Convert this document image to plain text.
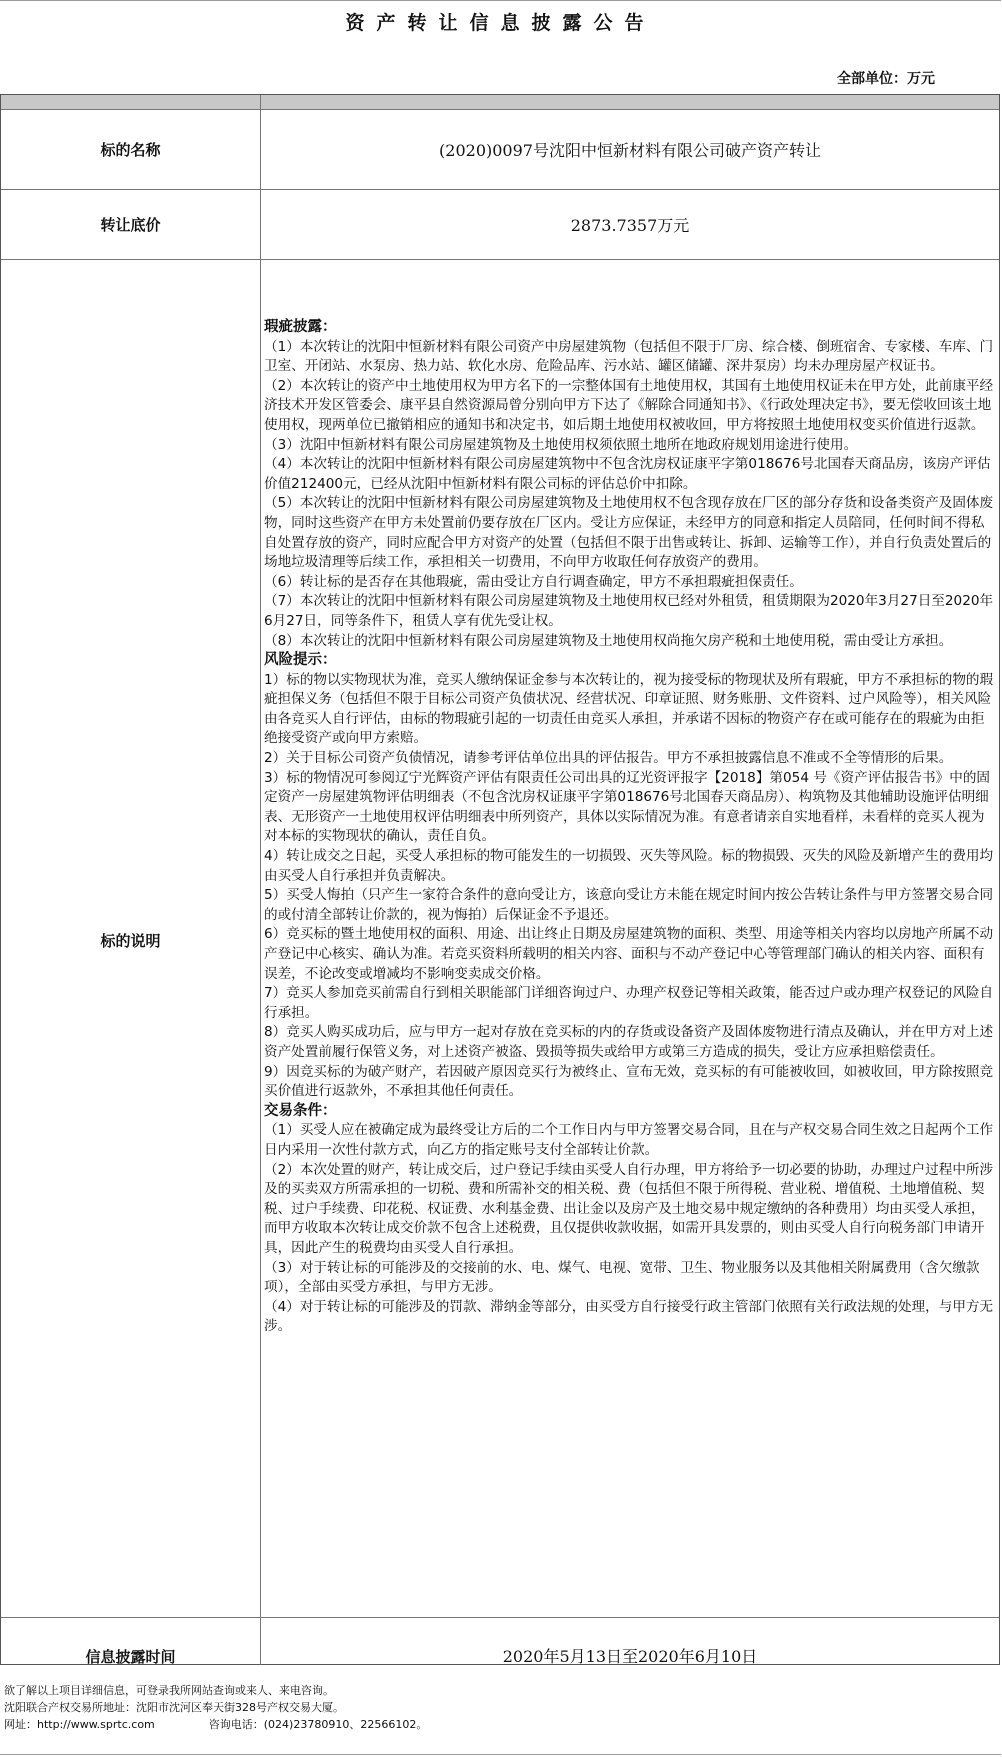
资产转让信息披露公告
全部单位：万元
标的名称	(2020)0097号沈阳中恒新材料有限公司破产资产转让
转让底价	2873.7357万元
标的说明

瑕疵披露：

（1）本次转让的沈阳中恒新材料有限公司资产中房屋建筑物（包括但不限于厂房、综合楼、倒班宿舍、专家楼、车库、门卫室、开闭站、水泵房、热力站、软化水房、危险品库、污水站、罐区储罐、深井泵房）均未办理房屋产权证书。

（2）本次转让的资产中土地使用权为甲方名下的一宗整体国有土地使用权，其国有土地使用权证未在甲方处，此前康平经济技术开发区管委会、康平县自然资源局曾分别向甲方下达了《解除合同通知书》、《行政处理决定书》，要无偿收回该土地使用权，现两单位已撤销相应的通知书和决定书，如后期土地使用权被收回，甲方将按照土地使用权变买价值进行返款。

（3）沈阳中恒新材料有限公司房屋建筑物及土地使用权须依照土地所在地政府规划用途进行使用。

（4）本次转让的沈阳中恒新材料有限公司房屋建筑物中不包含沈房权证康平字第018676号北国春天商品房，该房产评估价值212400元，已经从沈阳中恒新材料有限公司标的评估总价中扣除。

（5）本次转让的沈阳中恒新材料有限公司房屋建筑物及土地使用权不包含现存放在厂区的部分存货和设备类资产及固体废物，同时这些资产在甲方未处置前仍要存放在厂区内。受让方应保证，未经甲方的同意和指定人员陪同，任何时间不得私自处置存放的资产，同时应配合甲方对资产的处置（包括但不限于出售或转让、拆卸、运输等工作），并自行负责处置后的场地垃圾清理等后续工作，承担相关一切费用，不向甲方收取任何存放资产的费用。

（6）转让标的是否存在其他瑕疵，需由受让方自行调查确定，甲方不承担瑕疵担保责任。

（7）本次转让的沈阳中恒新材料有限公司房屋建筑物及土地使用权已经对外租赁，租赁期限为2020年3月27日至2020年6月27日，同等条件下，租赁人享有优先受让权。

（8）本次转让的沈阳中恒新材料有限公司房屋建筑物及土地使用权尚拖欠房产税和土地使用税，需由受让方承担。

风险提示：

1）标的物以实物现状为准，竞买人缴纳保证金参与本次转让的，视为接受标的物现状及所有瑕疵，甲方不承担标的物的瑕疵担保义务（包括但不限于目标公司资产负债状况、经营状况、印章证照、财务账册、文件资料、过户风险等），相关风险由各竞买人自行评估，由标的物瑕疵引起的一切责任由竞买人承担，并承诺不因标的物资产存在或可能存在的瑕疵为由拒绝接受资产或向甲方索赔。

2）关于目标公司资产负债情况，请参考评估单位出具的评估报告。甲方不承担披露信息不准或不全等情形的后果。

3）标的物情况可参阅辽宁光辉资产评估有限责任公司出具的辽光资评报字【2018】第054 号《资产评估报告书》中的固定资产一房屋建筑物评估明细表（不包含沈房权证康平字第018676号北国春天商品房）、构筑物及其他辅助设施评估明细表、无形资产一土地使用权评估明细表中所列资产，具体以实际情况为准。有意者请亲自实地看样，未看样的竞买人视为对本标的实物现状的确认，责任自负。

4）转让成交之日起，买受人承担标的物可能发生的一切损毁、灭失等风险。标的物损毁、灭失的风险及新增产生的费用均由买受人自行承担并负责解决。

5）买受人悔拍（只产生一家符合条件的意向受让方，该意向受让方未能在规定时间内按公告转让条件与甲方签署交易合同的或付清全部转让价款的，视为悔拍）后保证金不予退还。

6）竞买标的暨土地使用权的面积、用途、出让终止日期及房屋建筑物的面积、类型、用途等相关内容均以房地产所属不动产登记中心核实、确认为准。若竞买资料所载明的相关内容、面积与不动产登记中心等管理部门确认的相关内容、面积有误差，不论改变或增减均不影响变卖成交价格。

7）竞买人参加竞买前需自行到相关职能部门详细咨询过户、办理产权登记等相关政策，能否过户或办理产权登记的风险自行承担。

8）竞买人购买成功后，应与甲方一起对存放在竞买标的内的存货或设备资产及固体废物进行清点及确认，并在甲方对上述资产处置前履行保管义务，对上述资产被盗、毁损等损失或给甲方或第三方造成的损失，受让方应承担赔偿责任。

9）因竞买标的为破产财产，若因破产原因竞买行为被终止、宣布无效，竞买标的有可能被收回，如被收回，甲方除按照竞买价值进行返款外，不承担其他任何责任。

交易条件：

（1）买受人应在被确定成为最终受让方后的二个工作日内与甲方签署交易合同，且在与产权交易合同生效之日起两个工作日内采用一次性付款方式，向乙方的指定账号支付全部转让价款。

（2）本次处置的财产，转让成交后，过户登记手续由买受人自行办理，甲方将给予一切必要的协助，办理过户过程中所涉及的买卖双方所需承担的一切税、费和所需补交的相关税、费（包括但不限于所得税、营业税、增值税、土地增值税、契税、过户手续费、印花税、权证费、水利基金费、出让金以及房产及土地交易中规定缴纳的各种费用）均由买受人承担，而甲方收取本次转让成交价款不包含上述税费，且仅提供收款收据，如需开具发票的，则由买受人自行向税务部门申请开具，因此产生的税费均由买受人自行承担。

（3）对于转让标的可能涉及的交接前的水、电、煤气、电视、宽带、卫生、物业服务以及其他相关附属费用（含欠缴款项），全部由买受方承担，与甲方无涉。

（4）对于转让标的可能涉及的罚款、滞纳金等部分，由买受方自行接受行政主管部门依照有关行政法规的处理，与甲方无涉。

信息披露时间	2020年5月13日至2020年6月10日

欲了解以上项目详细信息，可登录我所网站查询或来人、来电咨询。

沈阳联合产权交易所地址：沈阳市沈河区奉天街328号产权交易大厦。

网址：http://www.sprtc.com	咨询电话：(024)23780910、22566102。
